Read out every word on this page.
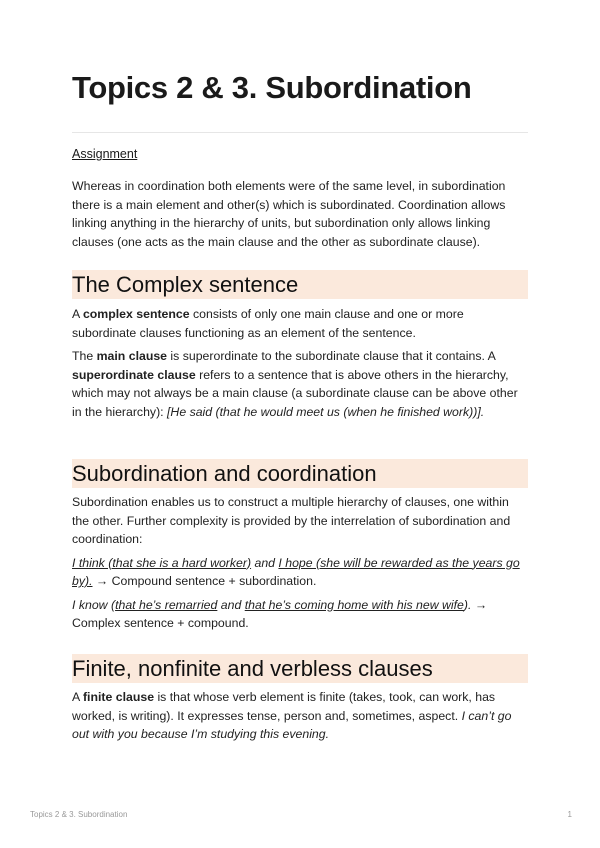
Topics 2 & 3. Subordination
Assignment

Whereas in coordination both elements were of the same level, in subordination there is a main element and other(s) which is subordinated. Coordination allows linking anything in the hierarchy of units, but subordination only allows linking clauses (one acts as the main clause and the other as subordinate clause).

The Complex sentence

A complex sentence consists of only one main clause and one or more subordinate clauses functioning as an element of the sentence.

The main clause is superordinate to the subordinate clause that it contains. A superordinate clause refers to a sentence that is above others in the hierarchy, which may not always be a main clause (a subordinate clause can be above other in the hierarchy): [He said (that he would meet us (when he finished work))].

Subordination and coordination

Subordination enables us to construct a multiple hierarchy of clauses, one within the other. Further complexity is provided by the interrelation of subordination and coordination:

I think (that she is a hard worker) and I hope (she will be rewarded as the years go by). → Compound sentence + subordination.

I know (that he’s remarried and that he’s coming home with his new wife). → Complex sentence + compound.

Finite, nonfinite and verbless clauses

A finite clause is that whose verb element is finite (takes, took, can work, has worked, is writing). It expresses tense, person and, sometimes, aspect. I can’t go out with you because I’m studying this evening.

Topics 2 & 3. Subordination	1
